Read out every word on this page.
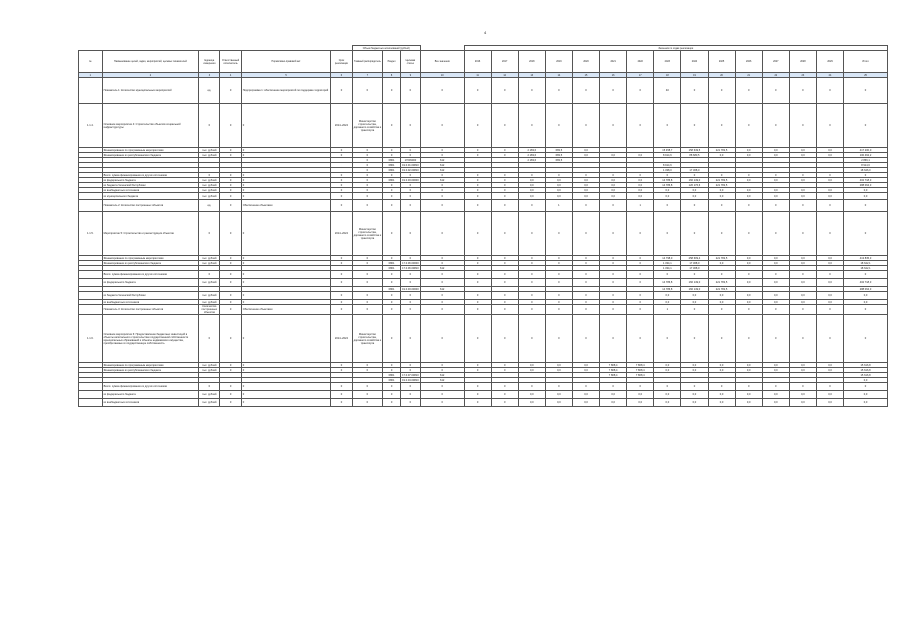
4
						Объем бюджетных ассигнований (рублей)				Значения по годам реализации														
№	Наименование целей, задач, мероприятий, целевых показателей	Единица измерения	Ответственный исполнитель	Нормативно-правовой акт	Срок реализации	Главный распорядитель	Раздел	Целевая статья	Все значения	2016	2017	2018	2019	2020	2021	2022	2023	2024	2025	2026	2027	2028	2029	Итого
1	2	3	4	5	6	7	8	9	10	11	12	13	14	15	16	17	18	19	20	21	22	23	24	25
	Показатель 1: Количество муниципальных мероприятий	ед.	0	Подпрограмма 1: обеспечение мероприятий по поддержке территорий	0	0	0	0	0	0	0	0	0	0	0	0	40	0	0	0	0	0	0	0
1.1.4.	Основное мероприятие 4: Строительство объектов социальной инфраструктуры	0	0	0	2014–2024	Министерство строительства, дорожного хозяйства и транспорта	0	0	0	0	0	0	0	0	0	0	0	0	0	0	0	0	0	0
	Финансирование по программным мероприятиям	тыс. рублей	0	0	0	0	0	0	0	0	0	2 183,6	683,5	0,0			15 458,7	158 649,5	221 782,5	0,0	0,0	0,0	0,0	417 200,0
	Финансирование из республиканского бюджета	тыс. рублей	0	0	0	0	0	0	0	0	0	2 183,6	683,5	0,0	0,0	0,0	8 914,6	88 680,5	0,0	0,0	0,0	0,0	0,0	100 462,2
						0	0801	17009000	612			2 183,6	683,5											2 866,1
						0	0801	19.0.01.00810	612								8 914,6							8 914,6
						0	0801	19.0.02.00810	612								1 338,0	17 308,0						18 646,0
	Всего: сумма финансирования из других источников	0	0	0	0	0	0	0	0	0	0	0	0	0	0	0	0	0	0	0	0	0	0	0
	из федерального бюджета	тыс. рублей	0	0	0	0	0801	19.0.03.00000	612	0	0	0,0	0,0	0,0	0,0	0,0	14 786,8	166 149,0	221 782,5	0,0	0,0	0,0	0,0	402 718,3
	из бюджета Чеченской Республики	тыс. рублей	0	0	0	0	0	0	0	0	0	0,0	0,0	0,0	0,0	0,0	14 786,8	126 176,6	221 782,5					288 064,3
	из внебюджетных источников	тыс. рублей	0	0	0	0	0	0	0	0	0	0,0	0,0	0,0	0,0	0,0	0,0	0,0	0,0	0,0	0,0	0,0	0,0	0,0
	из муниципального бюджета	тыс. рублей	0	0	0	0	0	0	0	0	0	0,0	0,0	0,0	0,0	0,0	0,0	0,0	0,0	0,0	0,0	0,0	0,0	0,0
	Показатель 2: Количество построенных объектов	ед.	0	Обеспечение объектами	0	0	0	0	0	0	0	0	1	0	0	1	0	0	0	0	0	0	0	0
1.1.5.	Мероприятие 5: Строительство и реконструкция объектов	0	0	0	2014–2024	Министерство строительства, дорожного хозяйства и транспорта	0	0	0	0	0	0	0	0	0	0	0	0	0	0	0	0	0	0
	Финансирование по программным мероприятиям	тыс. рублей	0	0	0	0	0	0	0	0	0	0	0	0	0	0	14 798,0	258 609,4	221 782,5	0,0	0,0	0,0	0,0	413 835,3
	Финансирование из республиканского бюджета	тыс. рублей	0	0	0	0	0801	17.0.06.00000	0	0	0	0	0	0	0	0	1 334,1	17 308,0	0,0	0,0	0,0	0,0	0,0	18 642,1
							0801	17.0.06.00810	612								1 334,1	17 308,0						18 642,1
	Всего: сумма финансирования из других источников	0	0	0	0	0	0	0	0	0	0	0	0	0	0	0	0	0	0	0	0	0	0	0
	из федерального бюджета	тыс. рублей	0	0	0	0	0	0	0	0	0	0	0	0	0	0	14 786,8	166 149,0	221 782,5	0,0	0,0	0,0	0,0	402 718,3
							0801	19.0.03.00000	612								14 786,8	166 149,0	221 782,5					288 064,3
	из бюджета Чеченской Республики	тыс. рублей	0	0	0	0	0	0	0	0	0	0	0	0	0	0	0,0	0,0	0,0	0,0	0,0	0,0	0,0	0,0
	из внебюджетных источников	тыс. рублей	0	0	0	0	0	0	0	0	0	0	0	0	0	0	0,0	0,0	0,0	0,0	0,0	0,0	0,0	0,0
	Показатель 3: Количество построенных объектов	Количество построенных объектов	0	Обеспечение объектами	0	0	0	0	0	0	0	0	0	0	0	0	1	0	0	0	0	0	0	0
1.1.6.	Основное мероприятие 6: Предоставление бюджетных инвестиций в объекты капитального строительства государственной собственности муниципальных образований и объекты недвижимого имущества, приобретаемые в государственную собственность	0	0	0	2014–2024	Министерство строительства, дорожного хозяйства и транспорта	0	0	0	0	0	0	0	0	0	0	0	0	0	0	0	0	0	0
	Финансирование по программным мероприятиям	тыс. рублей	0	0	0	0	0	0	0	0	0	0,0	0,0	0,0	7 808,4	7 808,4	0,0	0,0	0,0	0,0	0,0	0,0	0,0	15 616,8
	Финансирование из республиканского бюджета	тыс. рублей	0	0	0	0	0	0	0	0	0	0,0	0,0	0,0	7 808,4	7 808,4	0,0	0,0	0,0	0,0	0,0	0,0	0,0	15 616,8
							0801	17.0.07.00810	612						7 808,4	7 808,4								15 616,8
							0801	19.0.04.00810	612															0,0
	Всего: сумма финансирования из других источников	0	0	0	0	0	0	0	0	0	0	0	0	0	0	0	0	0	0	0	0	0	0	0
	из федерального бюджета	тыс. рублей	0	0	0	0	0	0	0	0	0	0,0	0,0	0,0	0,0	0,0	0,0	0,0	0,0	0,0	0,0	0,0	0,0	0,0
	из внебюджетных источников	тыс. рублей	0	0	0	0	0	0	0	0	0	0,0	0,0	0,0	0,0	0,0	0,0	0,0	0,0	0,0	0,0	0,0	0,0	0,0
